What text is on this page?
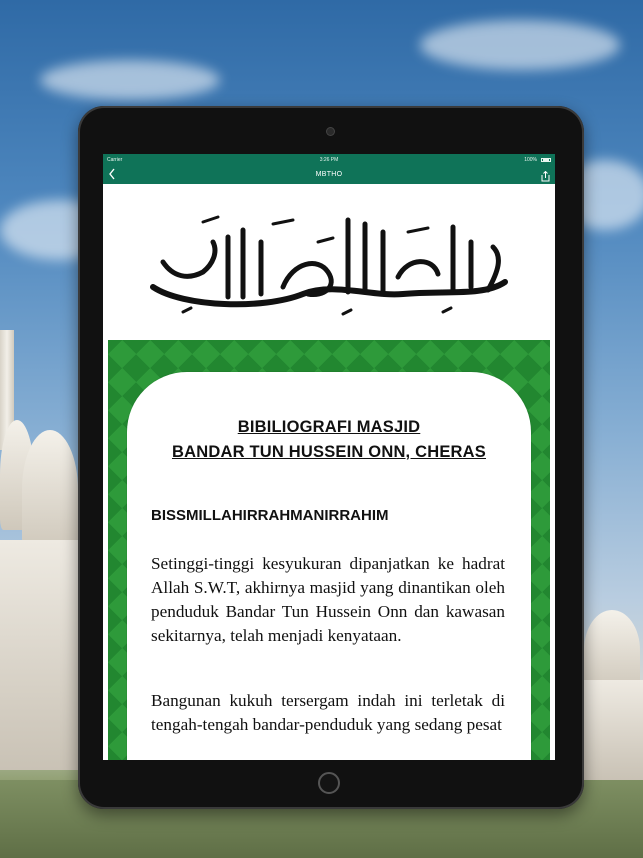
Carrier	3:26 PM	100%
MBTHO
BIBILIOGRAFI MASJID
BANDAR TUN HUSSEIN ONN, CHERAS
BISSMILLAHIRRAHMANIRRAHIM
Setinggi-tinggi kesyukuran dipanjatkan ke hadrat Allah S.W.T, akhirnya masjid yang dinantikan oleh penduduk Bandar Tun Hussein Onn dan kawasan sekitarnya, telah menjadi kenyataan.
Bangunan kukuh tersergam indah ini terletak di tengah-tengah bandar-penduduk yang sedang pesat
